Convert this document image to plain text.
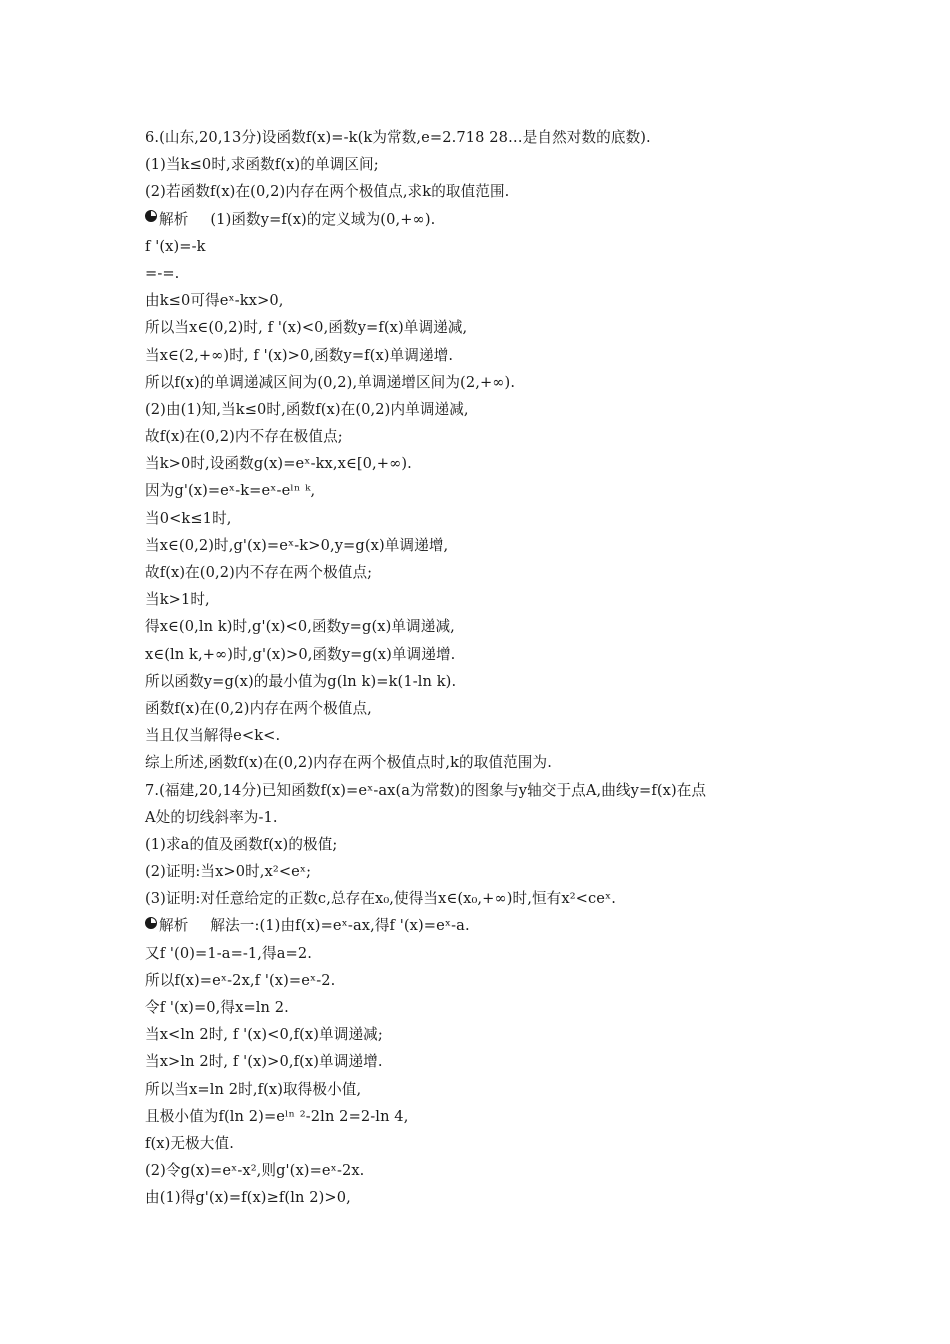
6.(山东,20,13分)设函数f(x)=-k(k为常数,e=2.718 28…是自然对数的底数).
(1)当k≤0时,求函数f(x)的单调区间;
(2)若函数f(x)在(0,2)内存在两个极值点,求k的取值范围.
解析 (1)函数y=f(x)的定义域为(0,+∞).
f '(x)=-k
=-=.
由k≤0可得eˣ-kx>0,
所以当x∈(0,2)时, f '(x)<0,函数y=f(x)单调递减,
当x∈(2,+∞)时, f '(x)>0,函数y=f(x)单调递增.
所以f(x)的单调递减区间为(0,2),单调递增区间为(2,+∞).
(2)由(1)知,当k≤0时,函数f(x)在(0,2)内单调递减,
故f(x)在(0,2)内不存在极值点;
当k>0时,设函数g(x)=eˣ-kx,x∈[0,+∞).
因为g'(x)=eˣ-k=eˣ-eˡⁿ ᵏ,
当0<k≤1时,
当x∈(0,2)时,g'(x)=eˣ-k>0,y=g(x)单调递增,
故f(x)在(0,2)内不存在两个极值点;
当k>1时,
得x∈(0,ln k)时,g'(x)<0,函数y=g(x)单调递减,
x∈(ln k,+∞)时,g'(x)>0,函数y=g(x)单调递增.
所以函数y=g(x)的最小值为g(ln k)=k(1-ln k).
函数f(x)在(0,2)内存在两个极值点,
当且仅当解得e<k<.
综上所述,函数f(x)在(0,2)内存在两个极值点时,k的取值范围为.
7.(福建,20,14分)已知函数f(x)=eˣ-ax(a为常数)的图象与y轴交于点A,曲线y=f(x)在点
A处的切线斜率为-1.
(1)求a的值及函数f(x)的极值;
(2)证明:当x>0时,x²<eˣ;
(3)证明:对任意给定的正数c,总存在x₀,使得当x∈(x₀,+∞)时,恒有x²<ceˣ.
解析 解法一:(1)由f(x)=eˣ-ax,得f '(x)=eˣ-a.
又f '(0)=1-a=-1,得a=2.
所以f(x)=eˣ-2x,f '(x)=eˣ-2.
令f '(x)=0,得x=ln 2.
当x<ln 2时, f '(x)<0,f(x)单调递减;
当x>ln 2时, f '(x)>0,f(x)单调递增.
所以当x=ln 2时,f(x)取得极小值,
且极小值为f(ln 2)=eˡⁿ ²-2ln 2=2-ln 4,
f(x)无极大值.
(2)令g(x)=eˣ-x²,则g'(x)=eˣ-2x.
由(1)得g'(x)=f(x)≥f(ln 2)>0,
